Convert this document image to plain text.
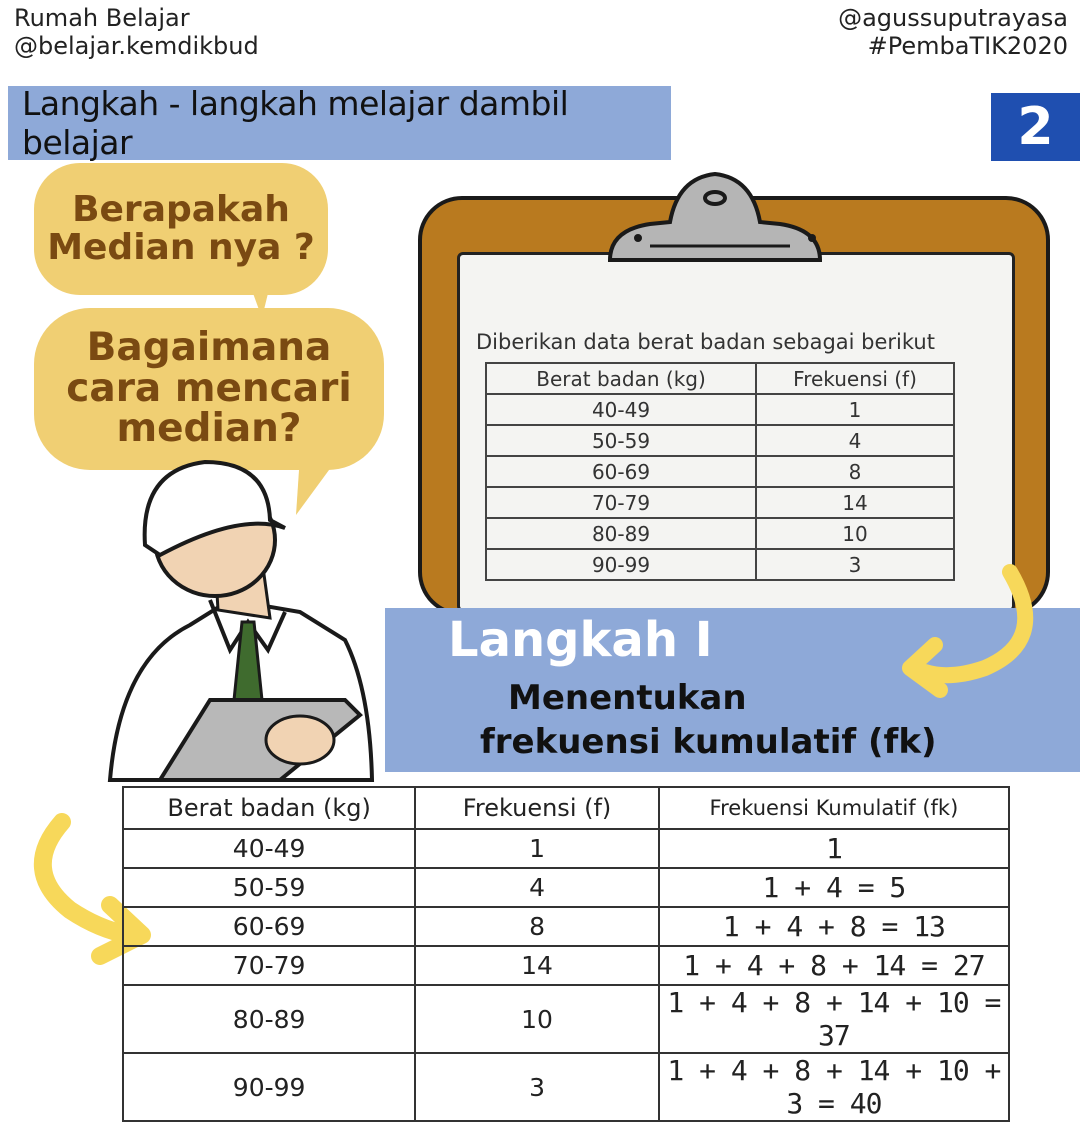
Rumah Belajar
@belajar.kemdikbud
@agussuputrayasa
#PembaTIK2020
Langkah - langkah melajar dambil belajar	2
Diberikan data berat badan sebagai berikut
Berat badan (kg)	Frekuensi (f)
40-49	1
50-59	4
60-69	8
70-79	14
80-89	10
90-99	3
Berapakah
Median nya ?
Bagaimana
cara mencari
median?
Langkah I
Menentukan
frekuensi kumulatif (fk)
Berat badan (kg)	Frekuensi (f)	Frekuensi Kumulatif (fk)
40-49	1	1
50-59	4	1 + 4 = 5
60-69	8	1 + 4 + 8 = 13
70-79	14	1 + 4 + 8 + 14 = 27
80-89	10	1 + 4 + 8 + 14 + 10 = 37
90-99	3	1 + 4 + 8 + 14 + 10 + 3 = 40
